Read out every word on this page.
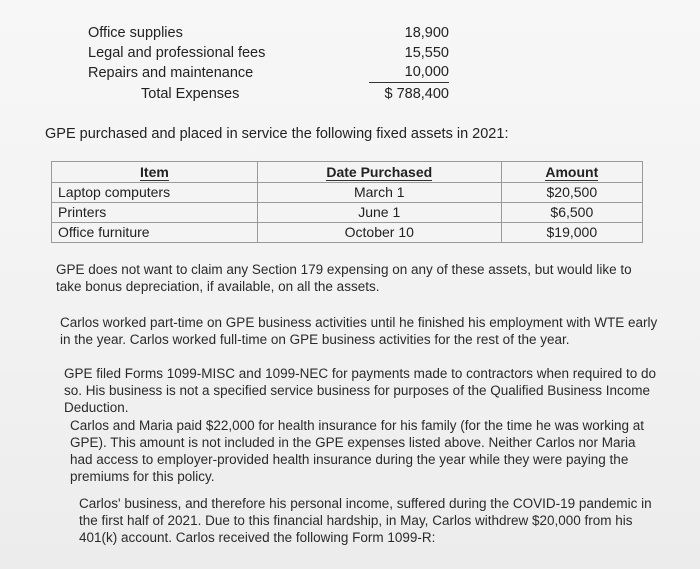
Office supplies	18,900
Legal and professional fees	15,550
Repairs and maintenance	10,000
Total Expenses	$ 788,400
GPE purchased and placed in service the following fixed assets in 2021:
Item	Date Purchased	Amount
Laptop computers	March 1	$20,500
Printers	June 1	$6,500
Office furniture	October 10	$19,000
GPE does not want to claim any Section 179 expensing on any of these assets, but would like to take bonus depreciation, if available, on all the assets.
Carlos worked part-time on GPE business activities until he finished his employment with WTE early in the year. Carlos worked full-time on GPE business activities for the rest of the year.
GPE filed Forms 1099-MISC and 1099-NEC for payments made to contractors when required to do so. His business is not a specified service business for purposes of the Qualified Business Income Deduction.
Carlos and Maria paid $22,000 for health insurance for his family (for the time he was working at GPE). This amount is not included in the GPE expenses listed above. Neither Carlos nor Maria had access to employer-provided health insurance during the year while they were paying the premiums for this policy.
Carlos' business, and therefore his personal income, suffered during the COVID-19 pandemic in the first half of 2021. Due to this financial hardship, in May, Carlos withdrew $20,000 from his 401(k) account. Carlos received the following Form 1099-R:
